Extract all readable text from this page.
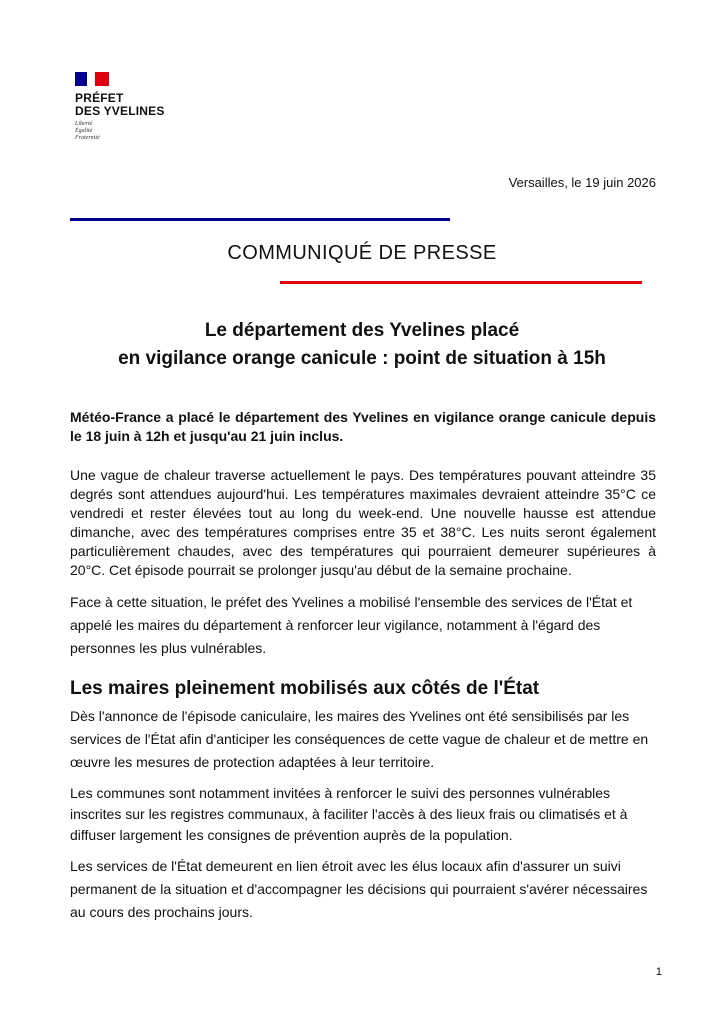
PRÉFET
DES YVELINES
Liberté
Égalité
Fraternité
Versailles, le 19 juin 2026
COMMUNIQUÉ DE PRESSE
Le département des Yvelines placé
en vigilance orange canicule : point de situation à 15h

Météo-France a placé le département des Yvelines en vigilance orange canicule depuis le 18 juin à 12h et jusqu'au 21 juin inclus.

Une vague de chaleur traverse actuellement le pays. Des températures pouvant atteindre 35 degrés sont attendues aujourd'hui. Les températures maximales devraient atteindre 35°C ce vendredi et rester élevées tout au long du week-end. Une nouvelle hausse est attendue dimanche, avec des températures comprises entre 35 et 38°C. Les nuits seront également particulièrement chaudes, avec des températures qui pourraient demeurer supérieures à 20°C. Cet épisode pourrait se prolonger jusqu'au début de la semaine prochaine.

Face à cette situation, le préfet des Yvelines a mobilisé l'ensemble des services de l'État et appelé les maires du département à renforcer leur vigilance, notamment à l'égard des personnes les plus vulnérables.

Les maires pleinement mobilisés aux côtés de l'État

Dès l'annonce de l'épisode caniculaire, les maires des Yvelines ont été sensibilisés par les services de l'État afin d'anticiper les conséquences de cette vague de chaleur et de mettre en œuvre les mesures de protection adaptées à leur territoire.

Les communes sont notamment invitées à renforcer le suivi des personnes vulnérables inscrites sur les registres communaux, à faciliter l'accès à des lieux frais ou climatisés et à diffuser largement les consignes de prévention auprès de la population.

Les services de l'État demeurent en lien étroit avec les élus locaux afin d'assurer un suivi permanent de la situation et d'accompagner les décisions qui pourraient s'avérer nécessaires au cours des prochains jours.

1
